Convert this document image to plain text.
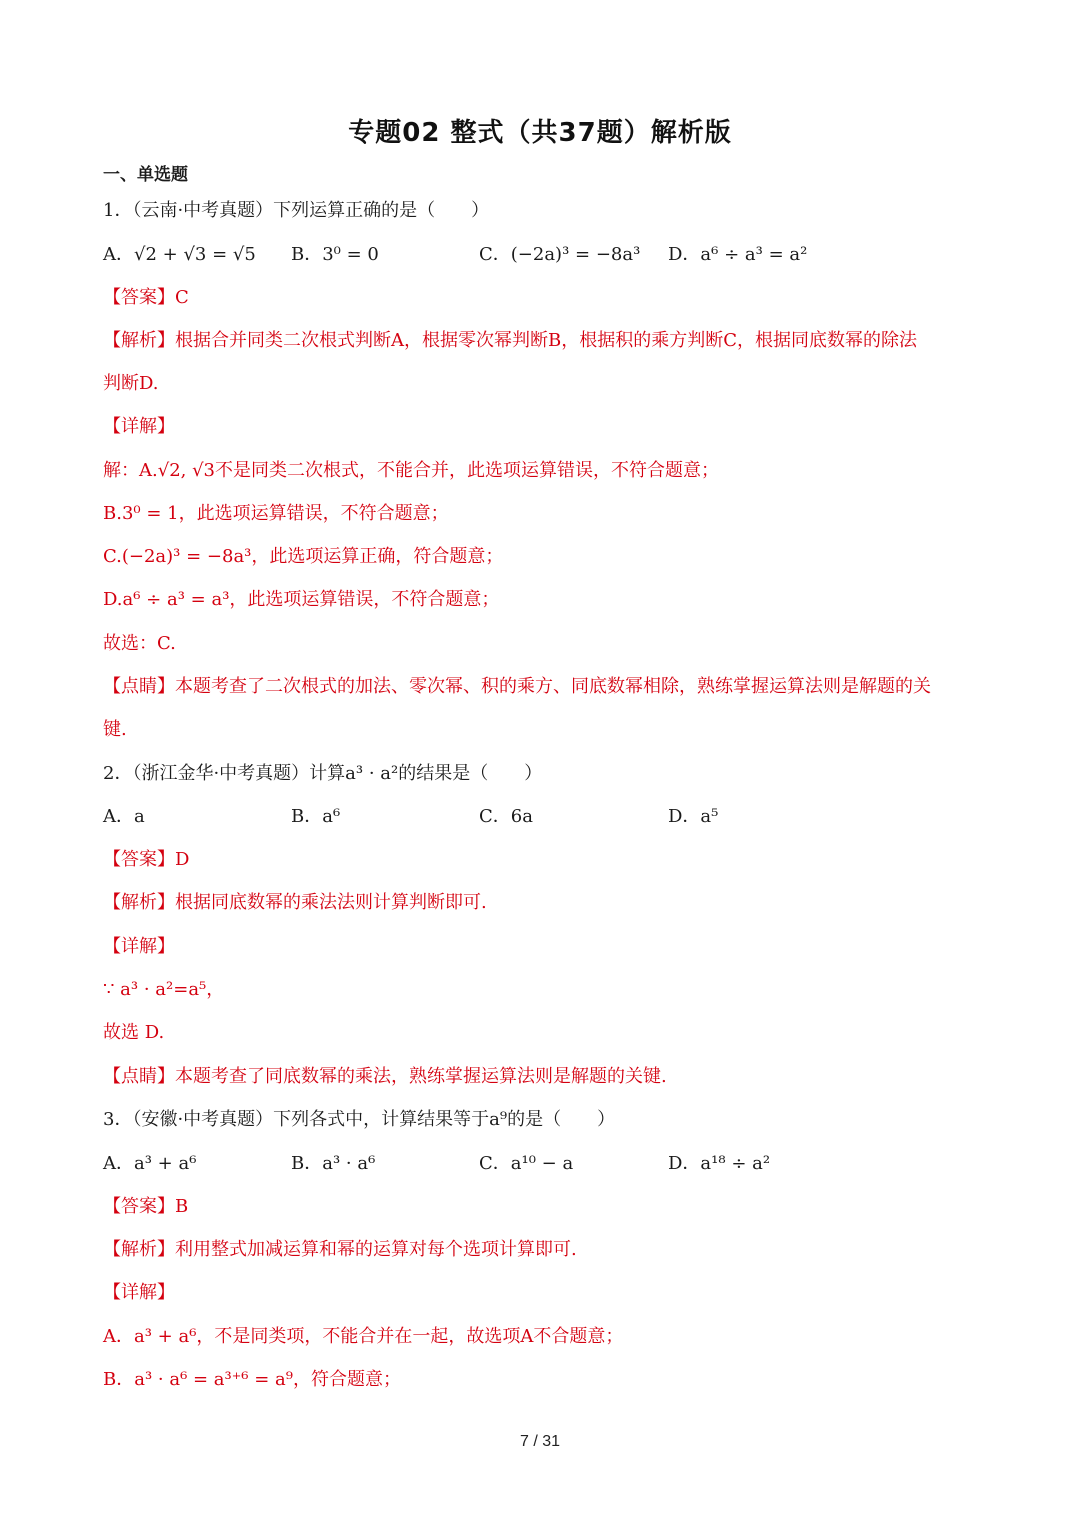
专题02 整式（共37题）解析版
一、单选题
1．（云南·中考真题）下列运算正确的是（　　）
A．√2 + √3 = √5 B．3⁰ = 0	C．(−2a)³ = −8a³ D．a⁶ ÷ a³ = a²
【答案】C
【解析】根据合并同类二次根式判断A，根据零次幂判断B，根据积的乘方判断C，根据同底数幂的除法
判断D.
【详解】
解：A.√2, √3不是同类二次根式，不能合并，此选项运算错误，不符合题意；
B.3⁰ = 1，此选项运算错误，不符合题意；
C.(−2a)³ = −8a³，此选项运算正确，符合题意；
D.a⁶ ÷ a³ = a³，此选项运算错误，不符合题意；
故选：C.
【点睛】本题考查了二次根式的加法、零次幂、积的乘方、同底数幂相除，熟练掌握运算法则是解题的关
键.
2．（浙江金华·中考真题）计算a³ · a²的结果是（　　）
A．a	B．a⁶	C．6a	D．a⁵
【答案】D
【解析】根据同底数幂的乘法法则计算判断即可.
【详解】
∵ a³ · a²=a⁵，
故选 D.
【点睛】本题考查了同底数幂的乘法，熟练掌握运算法则是解题的关键.
3．（安徽·中考真题）下列各式中，计算结果等于a⁹的是（　　）
A．a³ + a⁶	B．a³ · a⁶	C．a¹⁰ − a	D．a¹⁸ ÷ a²
【答案】B
【解析】利用整式加减运算和幂的运算对每个选项计算即可.
【详解】
A．a³ + a⁶，不是同类项，不能合并在一起，故选项A不合题意；
B．a³ · a⁶ = a³⁺⁶ = a⁹，符合题意；
7 / 31
